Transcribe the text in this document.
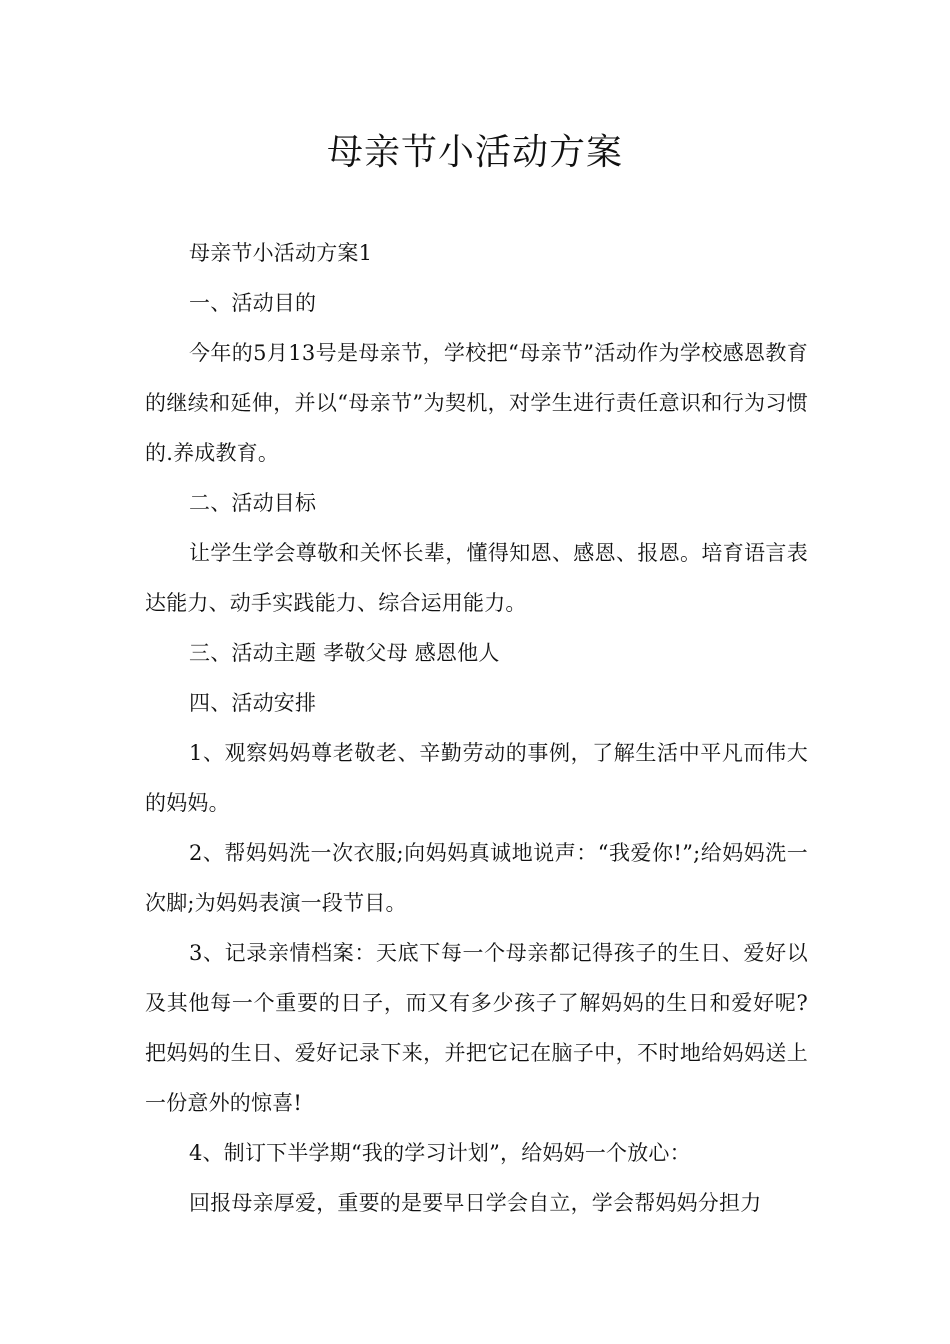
母亲节小活动方案

母亲节小活动方案1

一、活动目的

今年的5月13号是母亲节，学校把“母亲节”活动作为学校感恩教育的继续和延伸，并以“母亲节”为契机，对学生进行责任意识和行为习惯的.养成教育。

二、活动目标

让学生学会尊敬和关怀长辈，懂得知恩、感恩、报恩。培育语言表达能力、动手实践能力、综合运用能力。

三、活动主题 孝敬父母 感恩他人

四、活动安排

1、观察妈妈尊老敬老、辛勤劳动的事例，了解生活中平凡而伟大的妈妈。

2、帮妈妈洗一次衣服;向妈妈真诚地说声：“我爱你!”;给妈妈洗一次脚;为妈妈表演一段节目。

3、记录亲情档案：天底下每一个母亲都记得孩子的生日、爱好以及其他每一个重要的日子，而又有多少孩子了解妈妈的生日和爱好呢?把妈妈的生日、爱好记录下来，并把它记在脑子中，不时地给妈妈送上一份意外的惊喜!

4、制订下半学期“我的学习计划”，给妈妈一个放心：

回报母亲厚爱，重要的是要早日学会自立，学会帮妈妈分担力
